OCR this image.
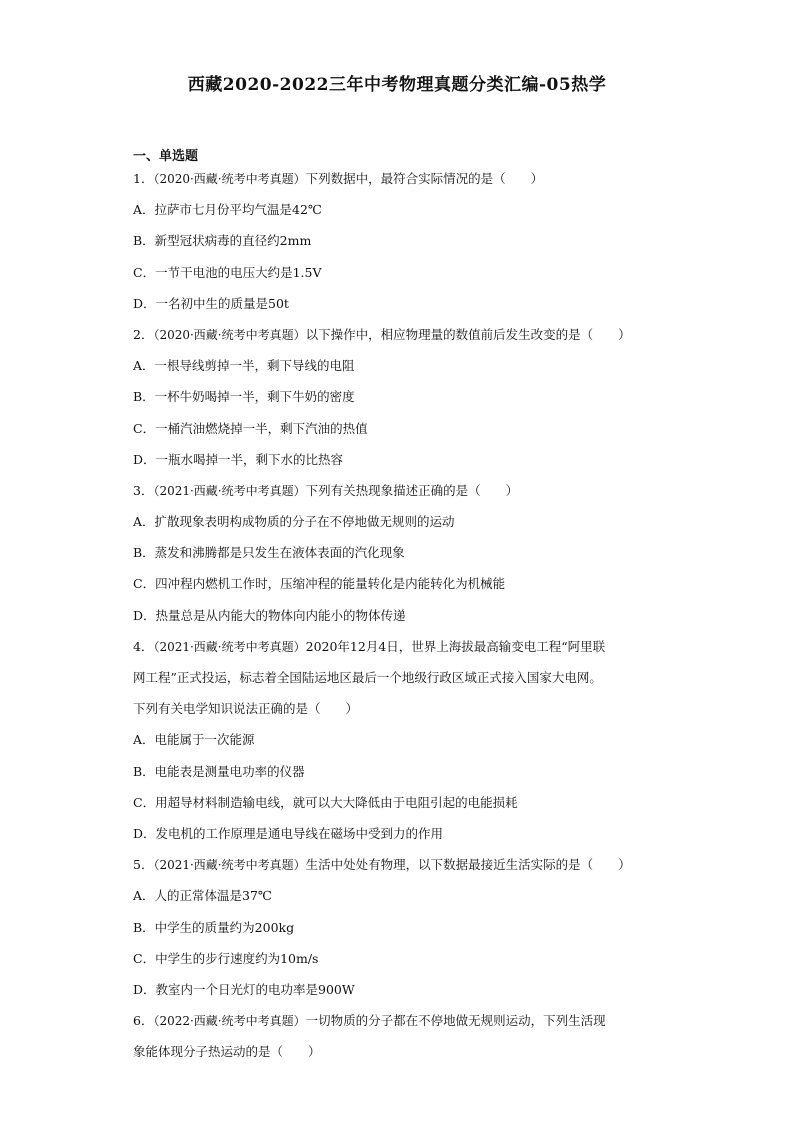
西藏2020-2022三年中考物理真题分类汇编-05热学
一、单选题
1．（2020·西藏·统考中考真题）下列数据中，最符合实际情况的是（　　）
A．拉萨市七月份平均气温是42℃
B．新型冠状病毒的直径约2mm
C．一节干电池的电压大约是1.5V
D．一名初中生的质量是50t
2．（2020·西藏·统考中考真题）以下操作中，相应物理量的数值前后发生改变的是（　　）
A．一根导线剪掉一半，剩下导线的电阻
B．一杯牛奶喝掉一半，剩下牛奶的密度
C．一桶汽油燃烧掉一半，剩下汽油的热值
D．一瓶水喝掉一半，剩下水的比热容
3．（2021·西藏·统考中考真题）下列有关热现象描述正确的是（　　）
A．扩散现象表明构成物质的分子在不停地做无规则的运动
B．蒸发和沸腾都是只发生在液体表面的汽化现象
C．四冲程内燃机工作时，压缩冲程的能量转化是内能转化为机械能
D．热量总是从内能大的物体向内能小的物体传递
4．（2021·西藏·统考中考真题）2020年12月4日，世界上海拔最高输变电工程“阿里联
网工程”正式投运，标志着全国陆运地区最后一个地级行政区域正式接入国家大电网。
下列有关电学知识说法正确的是（　　）
A．电能属于一次能源
B．电能表是测量电功率的仪器
C．用超导材料制造输电线，就可以大大降低由于电阻引起的电能损耗
D．发电机的工作原理是通电导线在磁场中受到力的作用
5．（2021·西藏·统考中考真题）生活中处处有物理，以下数据最接近生活实际的是（　　）
A．人的正常体温是37℃
B．中学生的质量约为200kg
C．中学生的步行速度约为10m/s
D．教室内一个日光灯的电功率是900W
6．（2022·西藏·统考中考真题）一切物质的分子都在不停地做无规则运动，下列生活现
象能体现分子热运动的是（　　）
